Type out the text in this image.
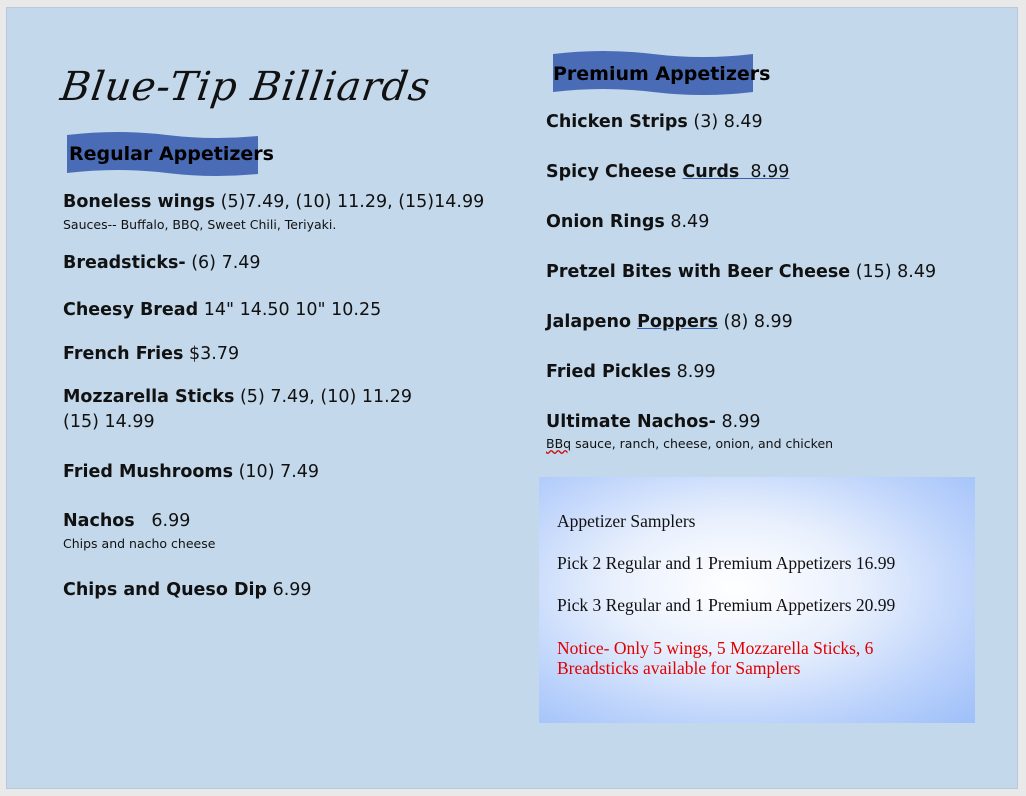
Blue-Tip Billiards
Regular Appetizers
Boneless wings (5)7.49, (10) 11.29, (15)14.99
Sauces-- Buffalo, BBQ, Sweet Chili, Teriyaki.
Breadsticks- (6) 7.49
Cheesy Bread 14" 14.50 10" 10.25
French Fries $3.79
Mozzarella Sticks (5) 7.49, (10) 11.29
(15) 14.99
Fried Mushrooms (10) 7.49
Nachos   6.99
Chips and nacho cheese
Chips and Queso Dip 6.99
Premium Appetizers
Chicken Strips (3) 8.49
Spicy Cheese Curds  8.99
Onion Rings 8.49
Pretzel Bites with Beer Cheese (15) 8.49
Jalapeno Poppers (8) 8.99
Fried Pickles 8.99
Ultimate Nachos- 8.99
BBq sauce, ranch, cheese, onion, and chicken
Appetizer Samplers
Pick 2 Regular and 1 Premium Appetizers 16.99
Pick 3 Regular and 1 Premium Appetizers 20.99
Notice- Only 5 wings, 5 Mozzarella Sticks, 6 Breadsticks available for Samplers
